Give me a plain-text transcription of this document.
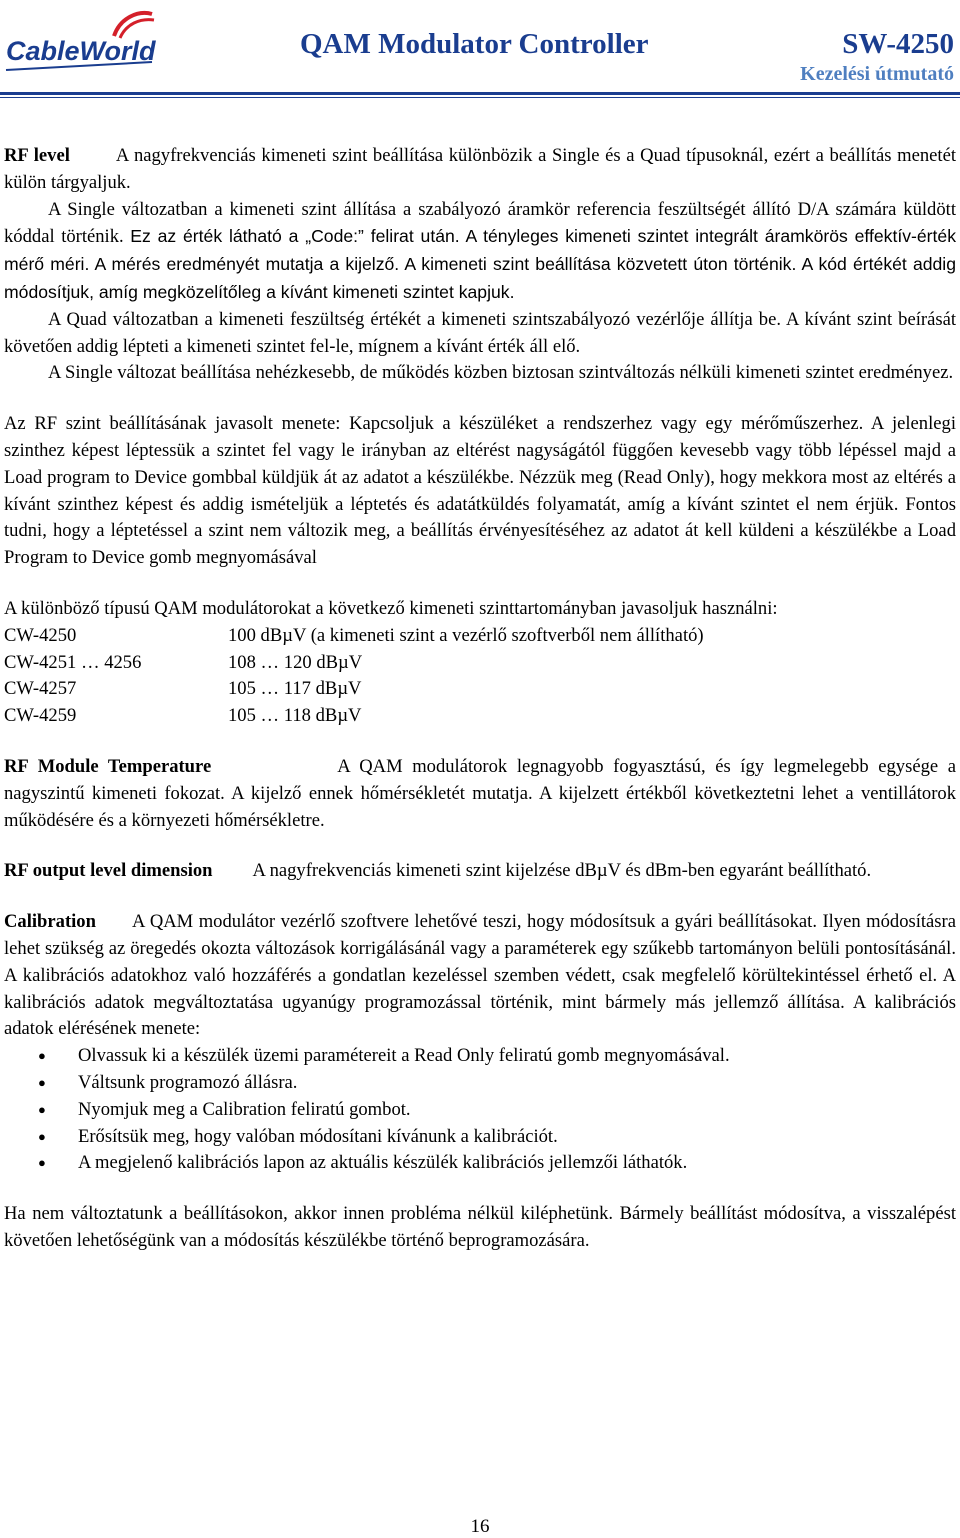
CableWorld	QAM Modulator Controller	SW-4250
Kezelési útmutató

RF level A nagyfrekvenciás kimeneti szint beállítása különbözik a Single és a Quad típusoknál, ezért a beállítás menetét külön tárgyaljuk.

A Single változatban a kimeneti szint állítása a szabályozó áramkör referencia feszültségét állító D/A számára küldött kóddal történik. Ez az érték látható a „Code:” felirat után. A tényleges kimeneti szintet integrált áramkörös effektív-érték mérő méri. A mérés eredményét mutatja a kijelző. A kimeneti szint beállítása közvetett úton történik. A kód értékét addig módosítjuk, amíg megközelítőleg a kívánt kimeneti szintet kapjuk.

A Quad változatban a kimeneti feszültség értékét a kimeneti szintszabályozó vezérlője állítja be. A kívánt szint beírását követően addig lépteti a kimeneti szintet fel-le, mígnem a kívánt érték áll elő.

A Single változat beállítása nehézkesebb, de működés közben biztosan szintváltozás nélküli kimeneti szintet eredményez.

Az RF szint beállításának javasolt menete: Kapcsoljuk a készüléket a rendszerhez vagy egy mérőműszerhez. A jelenlegi szinthez képest léptessük a szintet fel vagy le irányban az eltérést nagyságától függően kevesebb vagy több lépéssel majd a Load program to Device gombbal küldjük át az adatot a készülékbe. Nézzük meg (Read Only), hogy mekkora most az eltérés a kívánt szinthez képest és addig ismételjük a léptetés és adatátküldés folyamatát, amíg a kívánt szintet el nem érjük. Fontos tudni, hogy a léptetéssel a szint nem változik meg, a beállítás érvényesítéséhez az adatot át kell küldeni a készülékbe a Load Program to Device gomb megnyomásával

A különböző típusú QAM modulátorokat a következő kimeneti szinttartományban javasoljuk használni:

CW-4250	100 dBµV (a kimeneti szint a vezérlő szoftverből nem állítható)
CW-4251 … 4256	108 … 120 dBµV
CW-4257	105 … 117 dBµV
CW-4259	105 … 118 dBµV

RF Module Temperature	A QAM modulátorok legnagyobb fogyasztású, és így legmelegebb egysége a nagyszintű kimeneti fokozat. A kijelző ennek hőmérsékletét mutatja. A kijelzett értékből következtetni lehet a ventillátorok működésére és a környezeti hőmérsékletre.

RF output level dimension A nagyfrekvenciás kimeneti szint kijelzése dBµV és dBm-ben egyaránt beállítható.

Calibration A QAM modulátor vezérlő szoftvere lehetővé teszi, hogy módosítsuk a gyári beállításokat. Ilyen módosításra lehet szükség az öregedés okozta változások korrigálásánál vagy a paraméterek egy szűkebb tartományon belüli pontosításánál. A kalibrációs adatokhoz való hozzáférés a gondatlan kezeléssel szemben védett, csak megfelelő körültekintéssel érhető el. A kalibrációs adatok megváltoztatása ugyanúgy programozással történik, mint bármely más jellemző állítása. A kalibrációs adatok elérésének menete:

● Olvassuk ki a készülék üzemi paramétereit a Read Only feliratú gomb megnyomásával.
● Váltsunk programozó állásra.
● Nyomjuk meg a Calibration feliratú gombot.
● Erősítsük meg, hogy valóban módosítani kívánunk a kalibrációt.
● A megjelenő kalibrációs lapon az aktuális készülék kalibrációs jellemzői láthatók.

Ha nem változtatunk a beállításokon, akkor innen probléma nélkül kiléphetünk. Bármely beállítást módosítva, a visszalépést követően lehetőségünk van a módosítás készülékbe történő beprogramozására.

16
